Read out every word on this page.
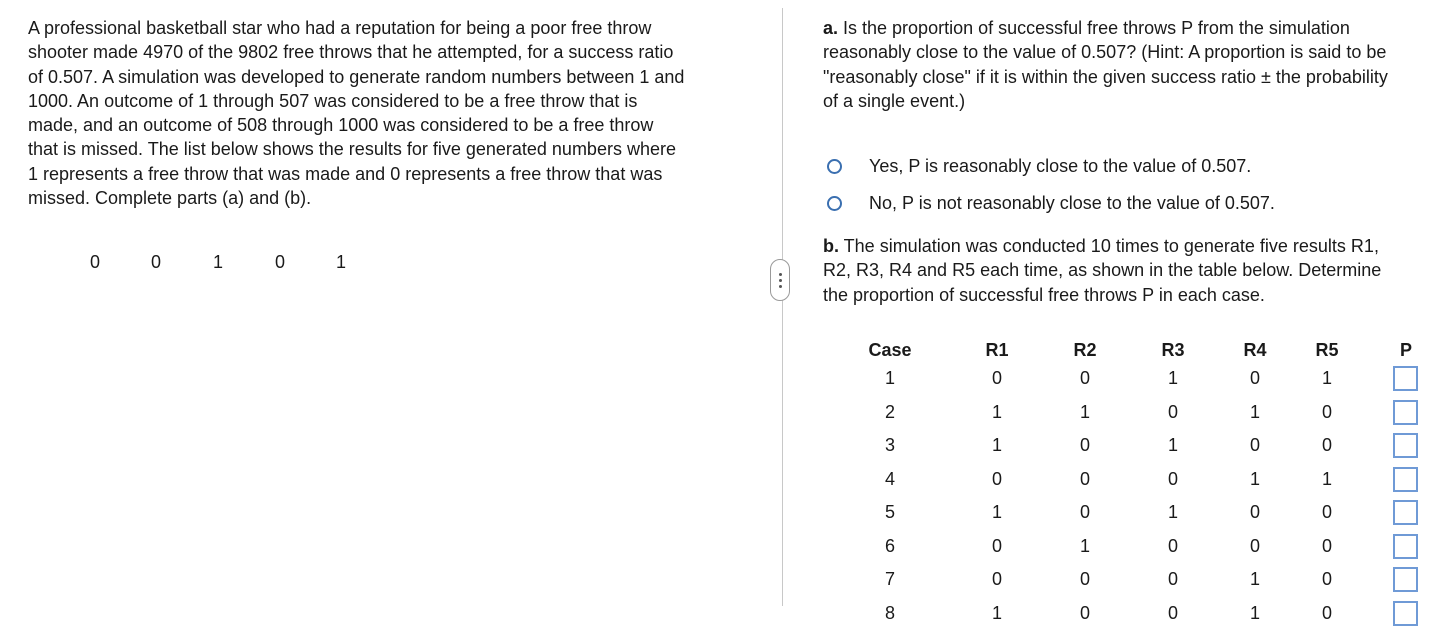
A professional basketball star who had a reputation for being a poor free throw
shooter made 4970 of the 9802 free throws that he attempted, for a success ratio
of 0.507. A simulation was developed to generate random numbers between 1 and
1000. An outcome of 1 through 507 was considered to be a free throw that is
made, and an outcome of 508 through 1000 was considered to be a free throw
that is missed. The list below shows the results for five generated numbers where
1 represents a free throw that was made and 0 represents a free throw that was
missed. Complete parts (a) and (b).

0	0	1	0	1

a. Is the proportion of successful free throws P from the simulation
reasonably close to the value of 0.507? (Hint: A proportion is said to be
"reasonably close" if it is within the given success ratio ± the probability
of a single event.)

Yes, P is reasonably close to the value of 0.507.
No, P is not reasonably close to the value of 0.507.

b. The simulation was conducted 10 times to generate five results R1,
R2, R3, R4 and R5 each time, as shown in the table below. Determine
the proportion of successful free throws P in each case.

Case	R1	R2	R3	R4	R5	P
1	0	0	1	0	1
2	1	1	0	1	0
3	1	0	1	0	0
4	0	0	0	1	1
5	1	0	1	0	0
6	0	1	0	0	0
7	0	0	0	1	0
8	1	0	0	1	0
